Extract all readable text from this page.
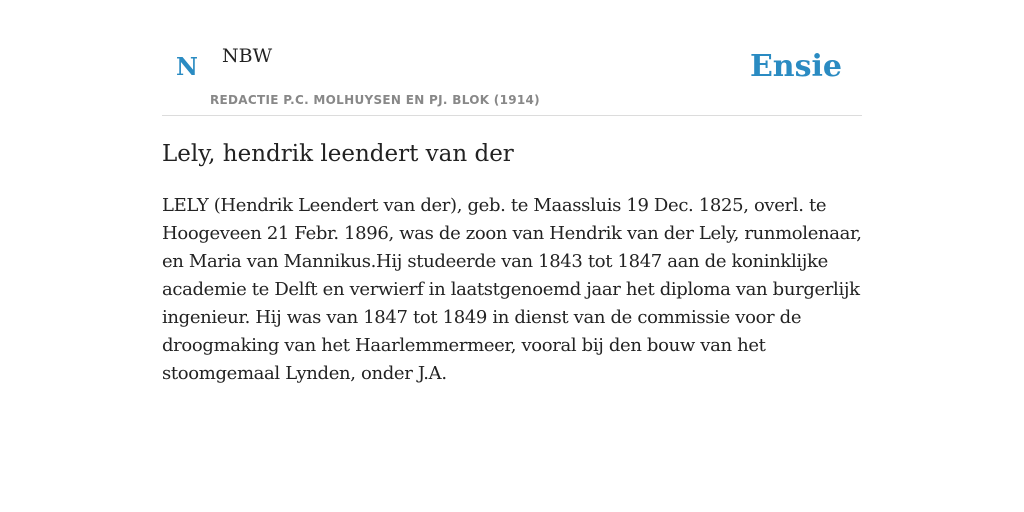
N NBW
REDACTIE P.C. MOLHUYSEN EN PJ. BLOK (1914)
Ensie
Lely, hendrik leendert van der

LELY (Hendrik Leendert van der), geb. te Maassluis 19 Dec. 1825, overl. te Hoogeveen 21 Febr. 1896, was de zoon van Hendrik van der Lely, runmolenaar, en Maria van Mannikus.Hij studeerde van 1843 tot 1847 aan de koninklijke academie te Delft en verwierf in laatstgenoemd jaar het diploma van burgerlijk ingenieur. Hij was van 1847 tot 1849 in dienst van de commissie voor de droogmaking van het Haarlemmermeer, vooral bij den bouw van het stoomgemaal Lynden, onder J.A.
